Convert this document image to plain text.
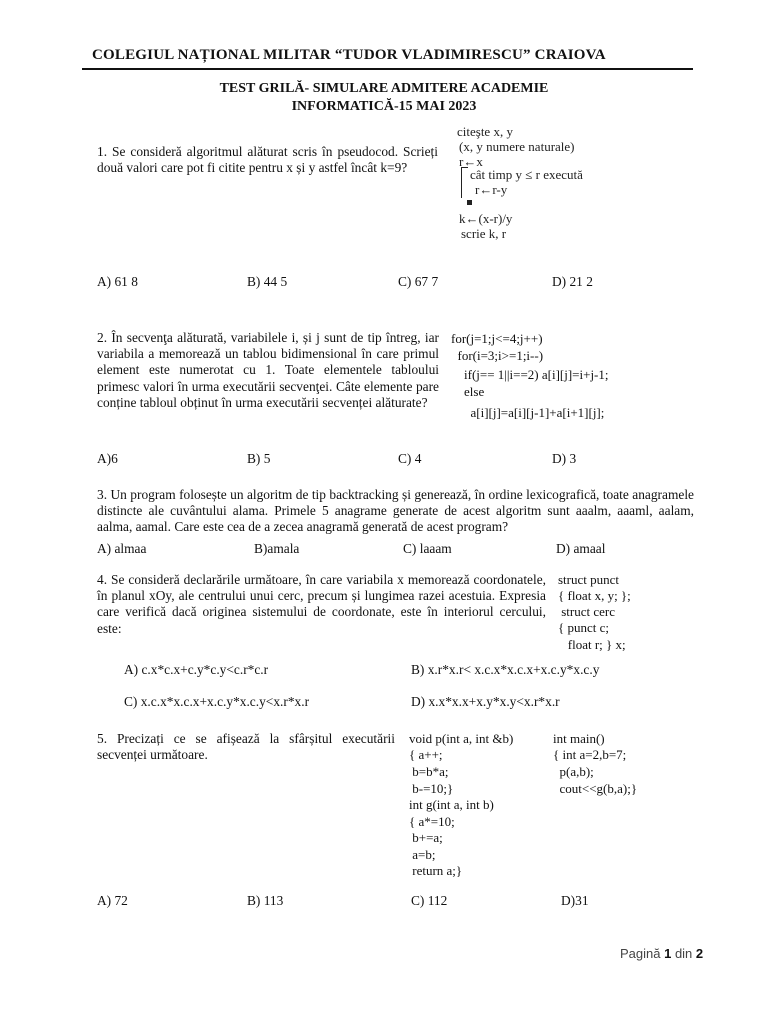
COLEGIUL NAȚIONAL MILITAR “TUDOR VLADIMIRESCU” CRAIOVA
TEST GRILĂ- SIMULARE ADMITERE ACADEMIE
INFORMATICĂ-15 MAI 2023
1. Se consideră algoritmul alăturat scris în pseudocod. Scrieți două valori care pot fi citite pentru x și y astfel încât k=9?
citeşte x, y
(x, y numere naturale)
r←x
cât timp y ≤ r execută
r←r-y
k←(x-r)/y
scrie k, r
A) 61 8	B) 44 5	C) 67 7	D) 21 2
2. În secvenţa alăturată, variabilele i, și j sunt de tip întreg, iar variabila a memorează un tablou bidimensional în care primul element este numerotat cu 1. Toate elementele tabloului primesc valori în urma executării secvenţei. Câte elemente pare conține tabloul obținut în urma executării secvenței alăturate?
for(j=1;j<=4;j++)
for(i=3;i>=1;i--)
if(j== 1||i==2) a[i][j]=i+j-1;
else
a[i][j]=a[i][j-1]+a[i+1][j];
A)6	B) 5	C) 4	D) 3
3. Un program folosește un algoritm de tip backtracking și generează, în ordine lexicografică, toate anagramele distincte ale cuvântului alama. Primele 5 anagrame generate de acest algoritm sunt aaalm, aaaml, aalam, aalma, aamal. Care este cea de a zecea anagramă generată de acest program?
A) almaa	B)amala	C) laaam	D) amaal
4. Se consideră declarările următoare, în care variabila x memorează coordonatele, în planul xOy, ale centrului unui cerc, precum și lungimea razei acestuia. Expresia care verifică dacă originea sistemului de coordonate, este în interiorul cercului, este:
struct punct
{ float x, y; };
struct cerc
{ punct c;
float r; } x;
A) c.x*c.x+c.y*c.y<c.r*c.r	B) x.r*x.r< x.c.x*x.c.x+x.c.y*x.c.y
C) x.c.x*x.c.x+x.c.y*x.c.y<x.r*x.r	D) x.x*x.x+x.y*x.y<x.r*x.r
5. Precizați ce se afișează la sfârșitul executării secvenței următoare.
void p(int a, int &b)
{ a++;
b=b*a;
b-=10;}
int g(int a, int b)
{ a*=10;
b+=a;
a=b;
return a;}
int main()
{ int a=2,b=7;
p(a,b);
cout<<g(b,a);}
A) 72	B) 113	C) 112	D)31
Pagină 1 din 2
